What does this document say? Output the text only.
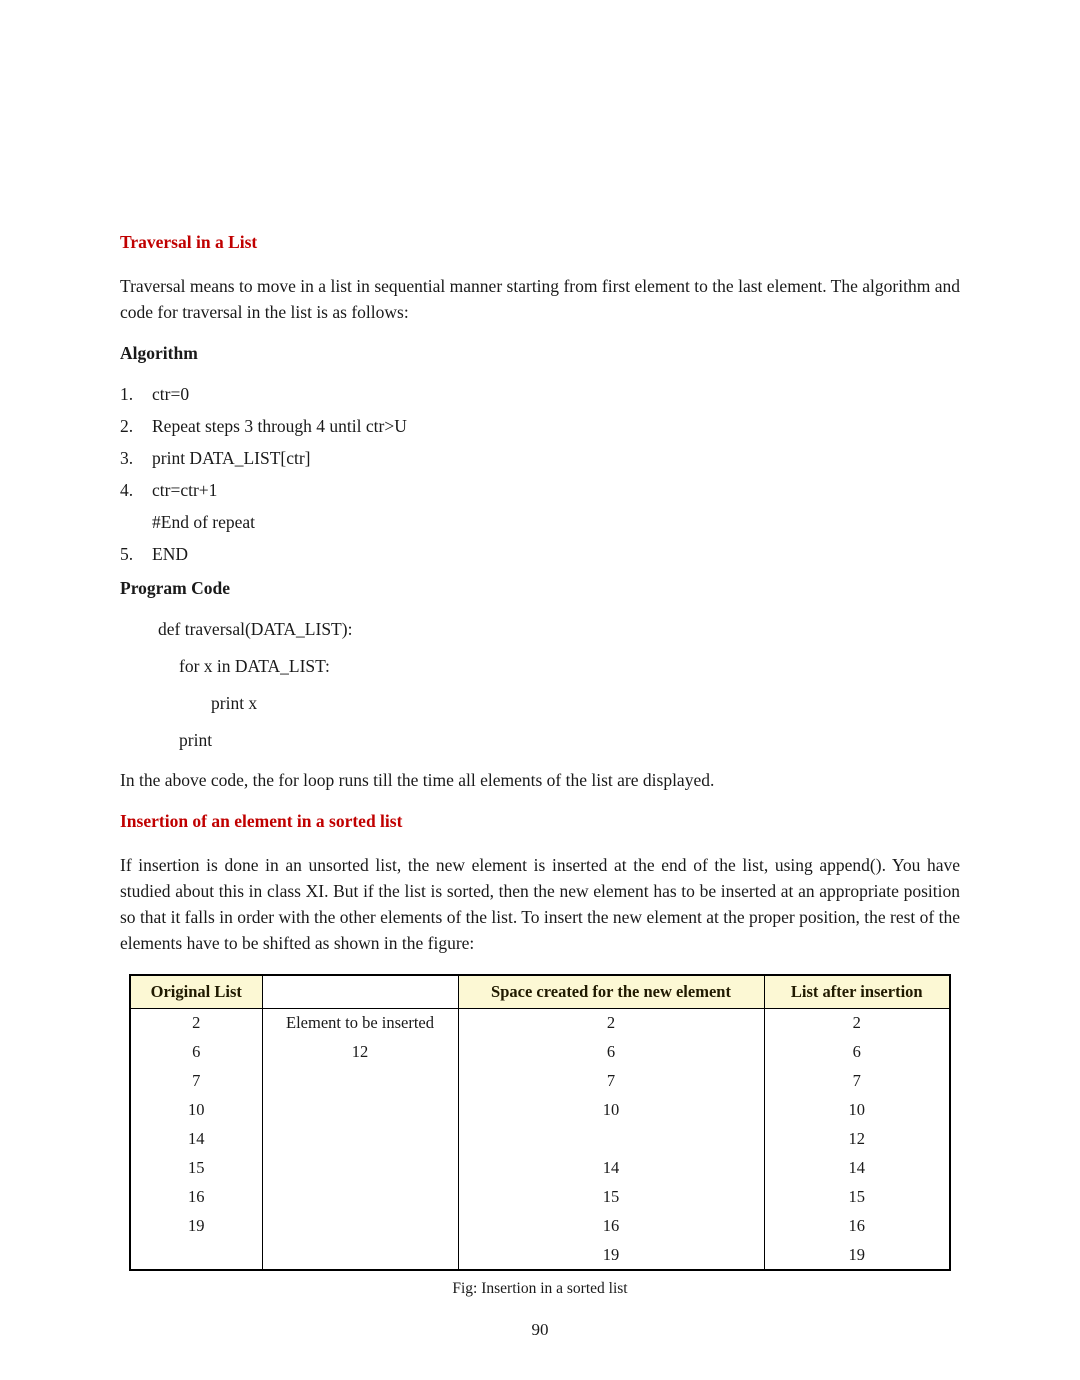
Traversal in a List

Traversal means to move in a list in sequential manner starting from first element to the last element. The algorithm and code for traversal in the list is as follows:

Algorithm
1.	ctr=0
2.	Repeat steps 3 through 4 until ctr>U
3.	print DATA_LIST[ctr]
4.	ctr=ctr+1
#End of repeat
5.	END
Program Code
def traversal(DATA_LIST):
for x in DATA_LIST:
print x
print

In the above code, the for loop runs till the time all elements of the list are displayed.

Insertion of an element in a sorted list

If insertion is done in an unsorted list, the new element is inserted at the end of the list, using append(). You have studied about this in class XI. But if the list is sorted, then the new element has to be inserted at an appropriate position so that it falls in order with the other elements of the list. To insert the new element at the proper position, the rest of the elements have to be shifted as shown in the figure:

Original List		Space created for the new element	List after insertion
2	Element to be inserted	2	2
6	12	6	6
7		7	7
10		10	10
14			12
15		14	14
16		15	15
19		16	16
		19	19
Fig: Insertion in a sorted list
90
